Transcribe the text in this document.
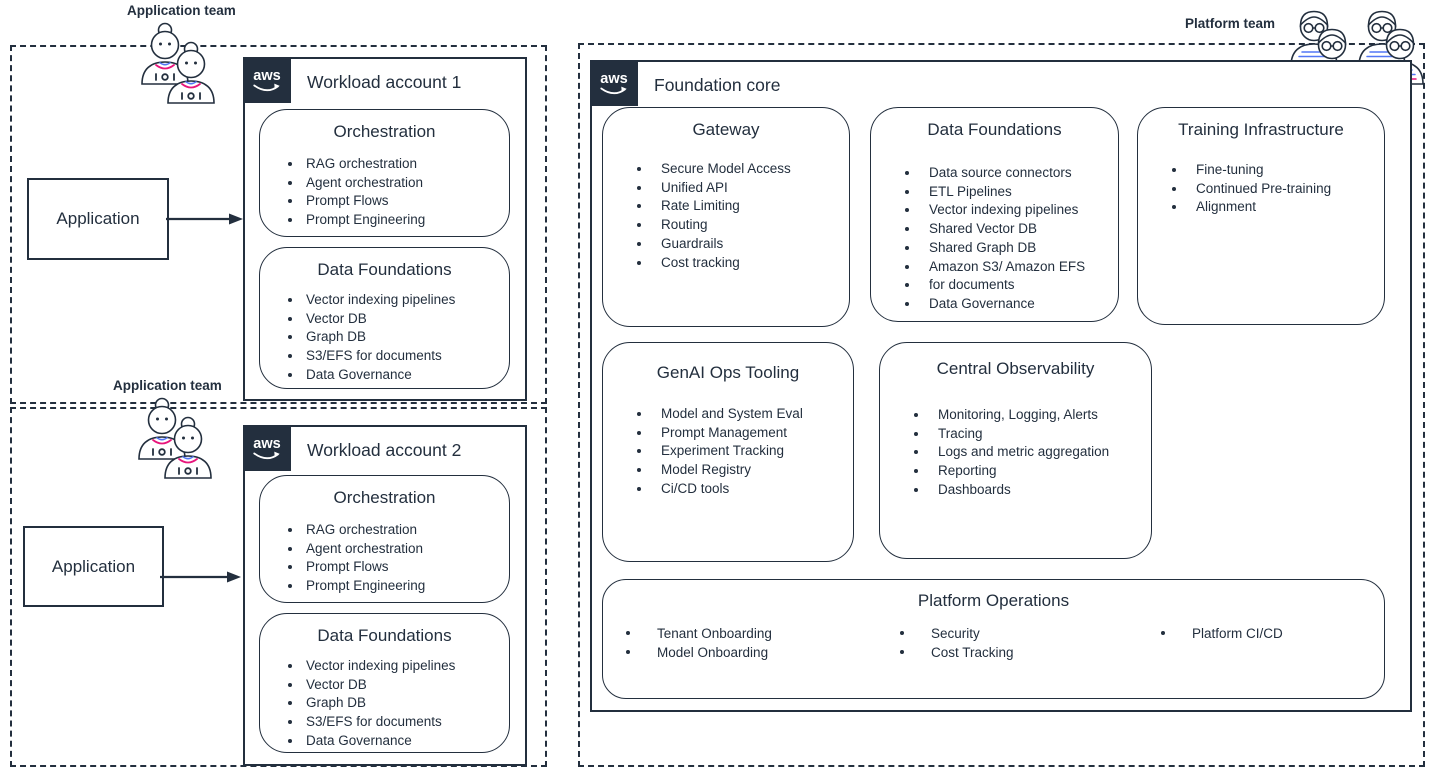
Application team
Application
aws Workload account 1
Orchestration
RAG orchestration
Agent orchestration
Prompt Flows
Prompt Engineering
Data Foundations
Vector indexing pipelines
Vector DB
Graph DB
S3/EFS for documents
Data Governance
Application team
Application
aws Workload account 2
Orchestration
RAG orchestration
Agent orchestration
Prompt Flows
Prompt Engineering
Data Foundations
Vector indexing pipelines
Vector DB
Graph DB
S3/EFS for documents
Data Governance
Platform team
aws Foundation core
Gateway
Secure Model Access
Unified API
Rate Limiting
Routing
Guardrails
Cost tracking
Data Foundations
Data source connectors
ETL Pipelines
Vector indexing pipelines
Shared Vector DB
Shared Graph DB
Amazon S3/ Amazon EFS
for documents
Data Governance
Training Infrastructure
Fine-tuning
Continued Pre-training
Alignment
GenAI Ops Tooling
Model and System Eval
Prompt Management
Experiment Tracking
Model Registry
Ci/CD tools
Central Observability
Monitoring, Logging, Alerts
Tracing
Logs and metric aggregation
Reporting
Dashboards
Platform Operations
Tenant Onboarding
Model Onboarding
Security
Cost Tracking
Platform CI/CD
